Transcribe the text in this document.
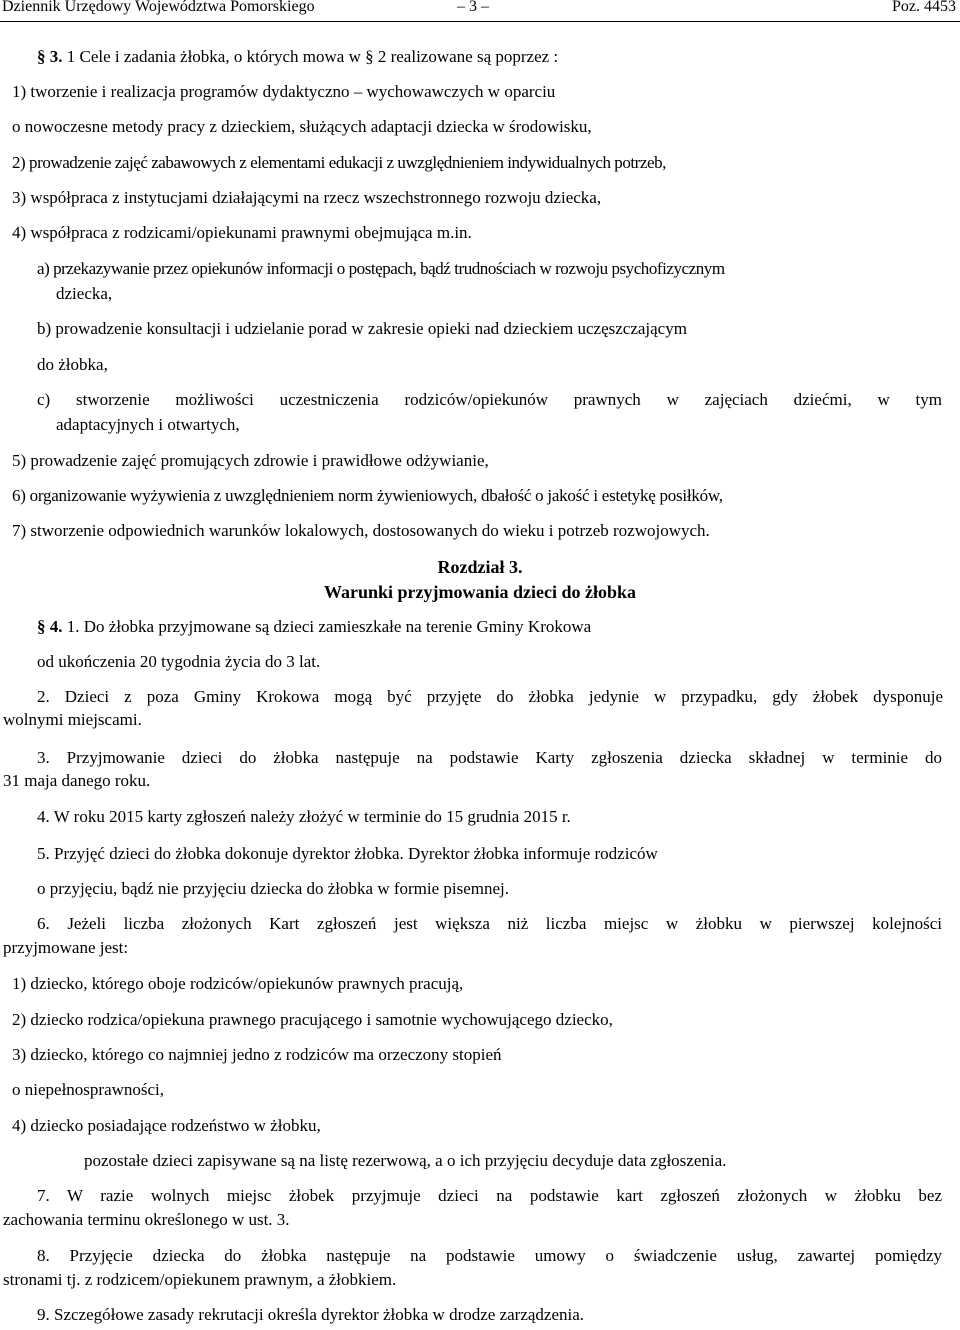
Dziennik Urzędowy Województwa Pomorskiego	– 3 –	Poz. 4453
§ 3. 1 Cele i zadania żłobka, o których mowa w § 2 realizowane są poprzez :
1) tworzenie i realizacja programów dydaktyczno – wychowawczych w oparciu
o nowoczesne metody pracy z dzieckiem, służących adaptacji dziecka w środowisku,
2) prowadzenie zajęć zabawowych z elementami edukacji z uwzględnieniem indywidualnych potrzeb,
3) współpraca z instytucjami działającymi na rzecz wszechstronnego rozwoju dziecka,
4) współpraca z rodzicami/opiekunami prawnymi obejmująca m.in.
a) przekazywanie przez opiekunów informacji o postępach, bądź trudnościach w rozwoju psychofizycznym
dziecka,
b) prowadzenie konsultacji i udzielanie porad w zakresie opieki nad dzieckiem uczęszczającym
do żłobka,
c) stworzenie możliwości uczestniczenia rodziców/opiekunów prawnych w zajęciach dziećmi, w tym
adaptacyjnych i otwartych,
5) prowadzenie zajęć promujących zdrowie i prawidłowe odżywianie,
6) organizowanie wyżywienia z uwzględnieniem norm żywieniowych, dbałość o jakość i estetykę posiłków,
7) stworzenie odpowiednich warunków lokalowych, dostosowanych do wieku i potrzeb rozwojowych.
Rozdział 3.
Warunki przyjmowania dzieci do żłobka
§ 4. 1. Do żłobka przyjmowane są dzieci zamieszkałe na terenie Gminy Krokowa
od ukończenia 20 tygodnia życia do 3 lat.
2. Dzieci z poza Gminy Krokowa mogą być przyjęte do żłobka jedynie w przypadku, gdy żłobek dysponuje
wolnymi miejscami.
3. Przyjmowanie dzieci do żłobka następuje na podstawie Karty zgłoszenia dziecka składnej w terminie do
31 maja danego roku.
4. W roku 2015 karty zgłoszeń należy złożyć w terminie do 15 grudnia 2015 r.
5. Przyjęć dzieci do żłobka dokonuje dyrektor żłobka. Dyrektor żłobka informuje rodziców
o przyjęciu, bądź nie przyjęciu dziecka do żłobka w formie pisemnej.
6. Jeżeli liczba złożonych Kart zgłoszeń jest większa niż liczba miejsc w żłobku w pierwszej kolejności
przyjmowane jest:
1) dziecko, którego oboje rodziców/opiekunów prawnych pracują,
2) dziecko rodzica/opiekuna prawnego pracującego i samotnie wychowującego dziecko,
3) dziecko, którego co najmniej jedno z rodziców ma orzeczony stopień
o niepełnosprawności,
4) dziecko posiadające rodzeństwo w żłobku,
pozostałe dzieci zapisywane są na listę rezerwową, a o ich przyjęciu decyduje data zgłoszenia.
7. W razie wolnych miejsc żłobek przyjmuje dzieci na podstawie kart zgłoszeń złożonych w żłobku bez
zachowania terminu określonego w ust. 3.
8. Przyjęcie dziecka do żłobka następuje na podstawie umowy o świadczenie usług, zawartej pomiędzy
stronami tj. z rodzicem/opiekunem prawnym, a żłobkiem.
9. Szczegółowe zasady rekrutacji określa dyrektor żłobka w drodze zarządzenia.
